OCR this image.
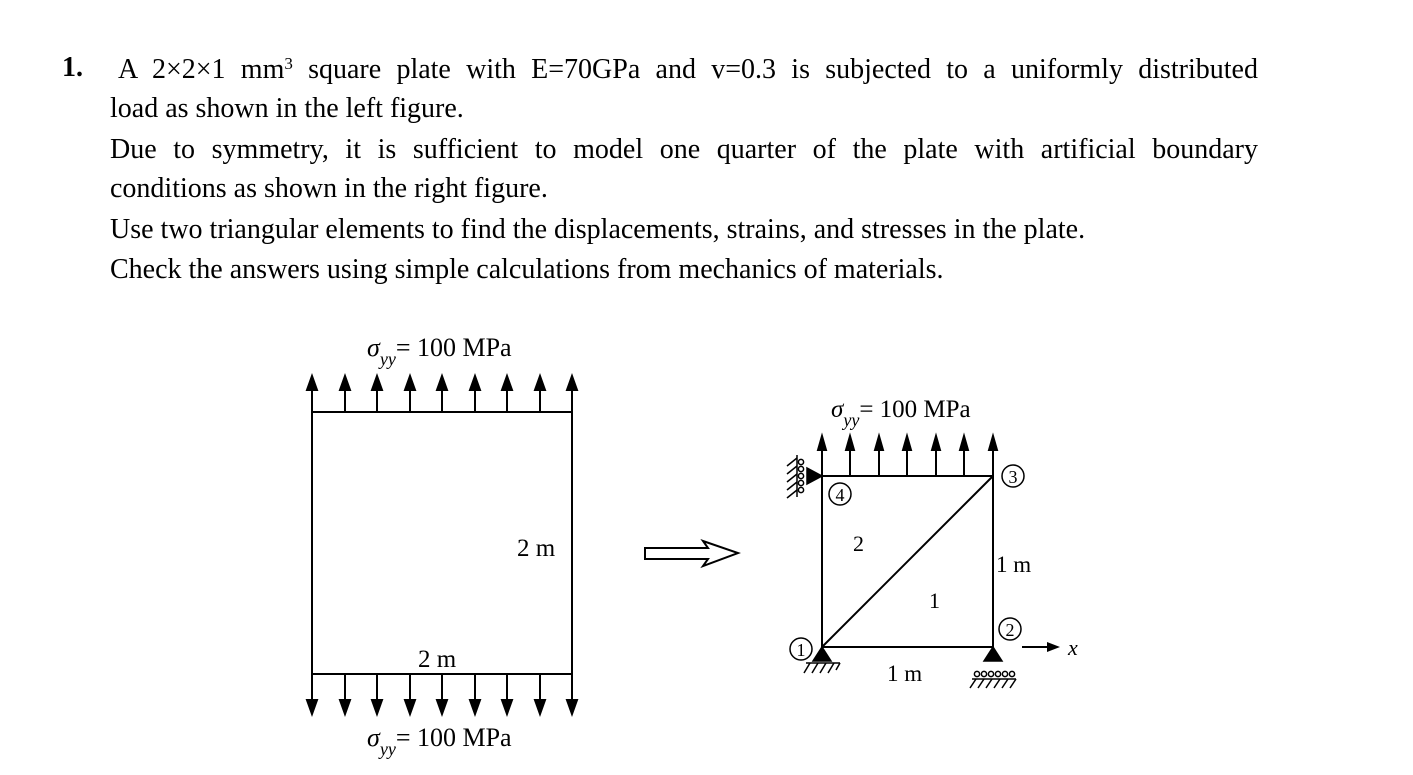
1. A 2×2×1 $mm^3$ square plate with E=70GPa and v=0.3 is subjected to a uniformly distributed
load as shown in the left figure.
Due to symmetry, it is sufficient to model one quarter of the plate with artificial boundary
conditions as shown in the right figure.
Use two triangular elements to find the displacements, strains, and stresses in the plate.
Check the answers using simple calculations from mechanics of materials.
$\sigma_{yy}= 100$ MPa
2 m
2 m
$\sigma_{yy}= 100$ MPa
$\sigma_{yy}= 100$ MPa
x
1
2
3
4
2
1
1 m
1 m
